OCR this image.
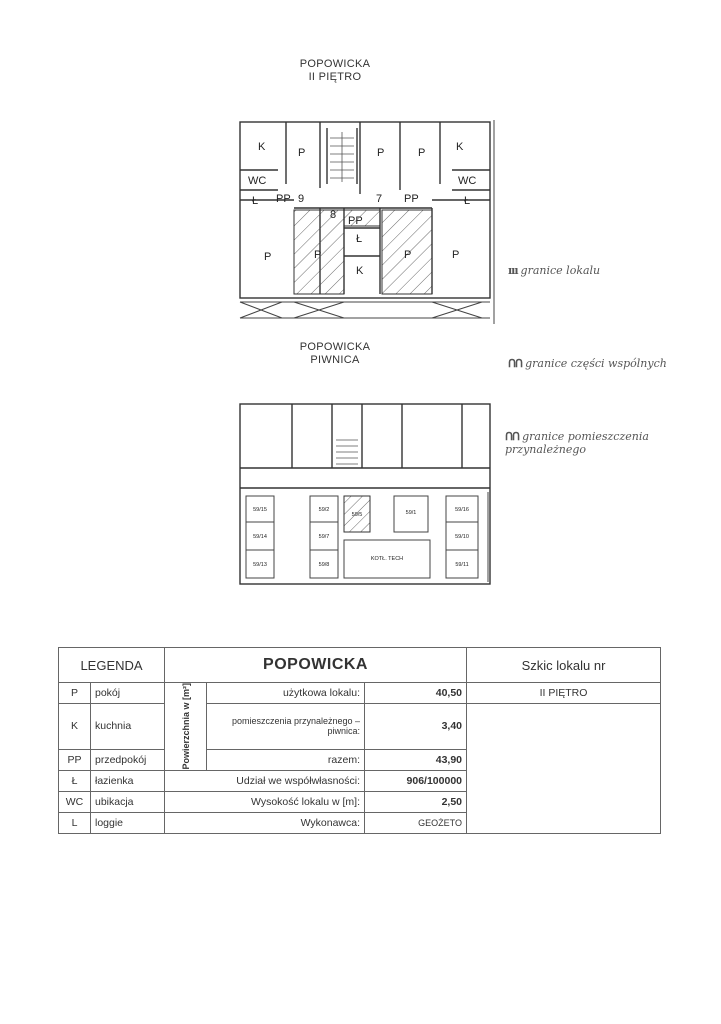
POPOWICKA
II PIĘTRO
K	P	P	P	K
WC	WC
Ł	Ł
PP	PP
9	7
8 PP
Ł
K
P	P	P	P
ııı granice lokalu
POPOWICKA
PIWNICA	ᑎᑎ granice części wspólnych
ᑎᑎ granice pomieszczenia przynależnego
59/15
59/14
59/13
59/2
59/7
59/8
59/5	59/1	59/16
59/10
59/11
KOTŁ. TECH
LEGENDA		POPOWICKA			Szkic lokalu nr
P	pokój	Powierzchnia w [m²]	użytkowa lokalu:	40,50	II PIĘTRO
K	kuchnia		pomieszczenia przynależnego – piwnica:	3,40	
PP	przedpokój		razem:	43,90	
Ł	łazienka	Udział we współwłasności:		906/100000	
WC	ubikacja	Wysokość lokalu w [m]:		2,50	
L	loggie	Wykonawca:		GEOŻETO	
